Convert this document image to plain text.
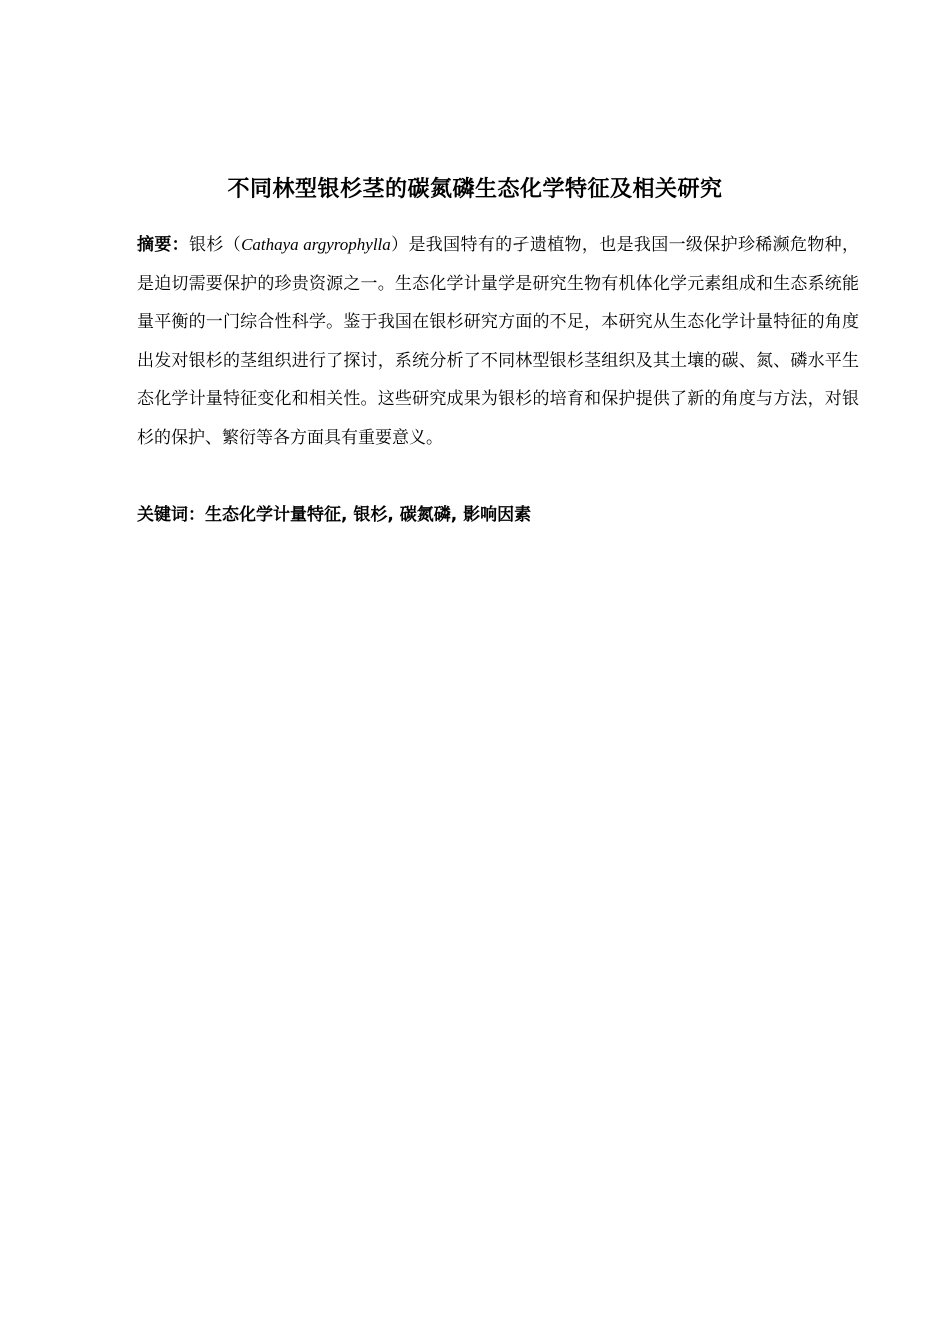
不同林型银杉茎的碳氮磷生态化学特征及相关研究
摘要：银杉（Cathaya argyrophylla）是我国特有的孑遗植物，也是我国一级保护珍稀濒危物种，是迫切需要保护的珍贵资源之一。生态化学计量学是研究生物有机体化学元素组成和生态系统能量平衡的一门综合性科学。鉴于我国在银杉研究方面的不足，本研究从生态化学计量特征的角度出发对银杉的茎组织进行了探讨，系统分析了不同林型银杉茎组织及其土壤的碳、氮、磷水平生态化学计量特征变化和相关性。这些研究成果为银杉的培育和保护提供了新的角度与方法，对银杉的保护、繁衍等各方面具有重要意义。
关键词：生态化学计量特征, 银杉, 碳氮磷, 影响因素
